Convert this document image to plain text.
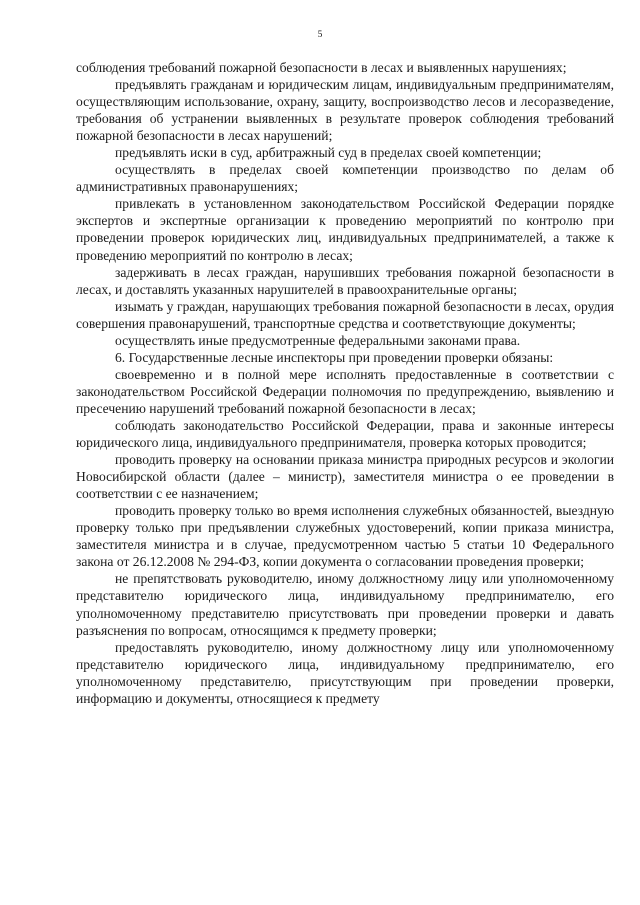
5

соблюдения требований пожарной безопасности в лесах и выявленных нарушениях;

предъявлять гражданам и юридическим лицам, индивидуальным предпринимателям, осуществляющим использование, охрану, защиту, воспроизводство лесов и лесоразведение, требования об устранении выявленных в результате проверок соблюдения требований пожарной безопасности в лесах нарушений;

предъявлять иски в суд, арбитражный суд в пределах своей компетенции;

осуществлять в пределах своей компетенции производство по делам об административных правонарушениях;

привлекать в установленном законодательством Российской Федерации порядке экспертов и экспертные организации к проведению мероприятий по контролю при проведении проверок юридических лиц, индивидуальных предпринимателей, а также к проведению мероприятий по контролю в лесах;

задерживать в лесах граждан, нарушивших требования пожарной безопасности в лесах, и доставлять указанных нарушителей в правоохранительные органы;

изымать у граждан, нарушающих требования пожарной безопасности в лесах, орудия совершения правонарушений, транспортные средства и соответствующие документы;

осуществлять иные предусмотренные федеральными законами права.

6. Государственные лесные инспекторы при проведении проверки обязаны:

своевременно и в полной мере исполнять предоставленные в соответствии с законодательством Российской Федерации полномочия по предупреждению, выявлению и пресечению нарушений требований пожарной безопасности в лесах;

соблюдать законодательство Российской Федерации, права и законные интересы юридического лица, индивидуального предпринимателя, проверка которых проводится;

проводить проверку на основании приказа министра природных ресурсов и экологии Новосибирской области (далее – министр), заместителя министра о ее проведении в соответствии с ее назначением;

проводить проверку только во время исполнения служебных обязанностей, выездную проверку только при предъявлении служебных удостоверений, копии приказа министра, заместителя министра и в случае, предусмотренном частью 5 статьи 10 Федерального закона от 26.12.2008 № 294-ФЗ, копии документа о согласовании проведения проверки;

не препятствовать руководителю, иному должностному лицу или уполномоченному представителю юридического лица, индивидуальному предпринимателю, его уполномоченному представителю присутствовать при проведении проверки и давать разъяснения по вопросам, относящимся к предмету проверки;

предоставлять руководителю, иному должностному лицу или уполномоченному представителю юридического лица, индивидуальному предпринимателю, его уполномоченному представителю, присутствующим при проведении проверки, информацию и документы, относящиеся к предмету
